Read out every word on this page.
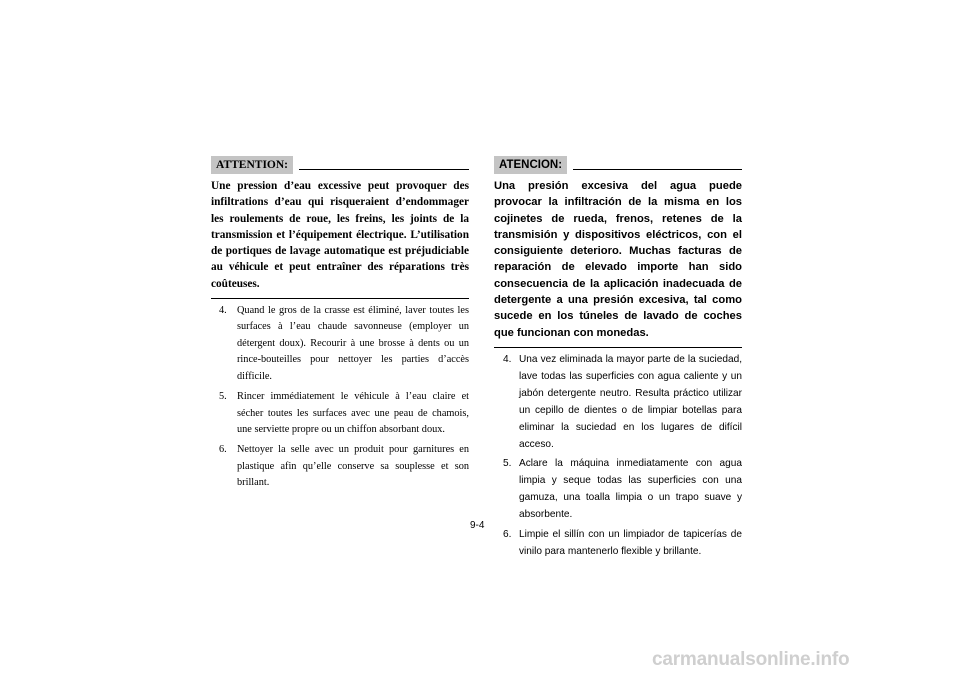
ATTENTION:

Une pression d’eau excessive peut provoquer des infiltrations d’eau qui risqueraient d’endommager les roulements de roue, les freins, les joints de la transmission et l’équipement électrique. L’utilisation de portiques de lavage automatique est préjudiciable au véhicule et peut entraîner des réparations très coûteuses.

4. Quand le gros de la crasse est éliminé, laver toutes les surfaces à l’eau chaude savonneuse (employer un détergent doux). Recourir à une brosse à dents ou un rince-bouteilles pour nettoyer les parties d’accès difficile.
5. Rincer immédiatement le véhicule à l’eau claire et sécher toutes les surfaces avec une peau de chamois, une serviette propre ou un chiffon absorbant doux.
6. Nettoyer la selle avec un produit pour garnitures en plastique afin qu’elle conserve sa souplesse et son brillant.
ATENCION:

Una presión excesiva del agua puede provocar la infiltración de la misma en los cojinetes de rueda, frenos, retenes de la transmisión y dispositivos eléctricos, con el consiguiente deterioro. Muchas facturas de reparación de elevado importe han sido consecuencia de la aplicación inadecuada de detergente a una presión excesiva, tal como sucede en los túneles de lavado de coches que funcionan con monedas.

4. Una vez eliminada la mayor parte de la suciedad, lave todas las superficies con agua caliente y un jabón detergente neutro. Resulta práctico utilizar un cepillo de dientes o de limpiar botellas para eliminar la suciedad en los lugares de difícil acceso.
5. Aclare la máquina inmediatamente con agua limpia y seque todas las superficies con una gamuza, una toalla limpia o un trapo suave y absorbente.
6. Limpie el sillín con un limpiador de tapicerías de vinilo para mantenerlo flexible y brillante.
9-4
carmanualsonline.info
